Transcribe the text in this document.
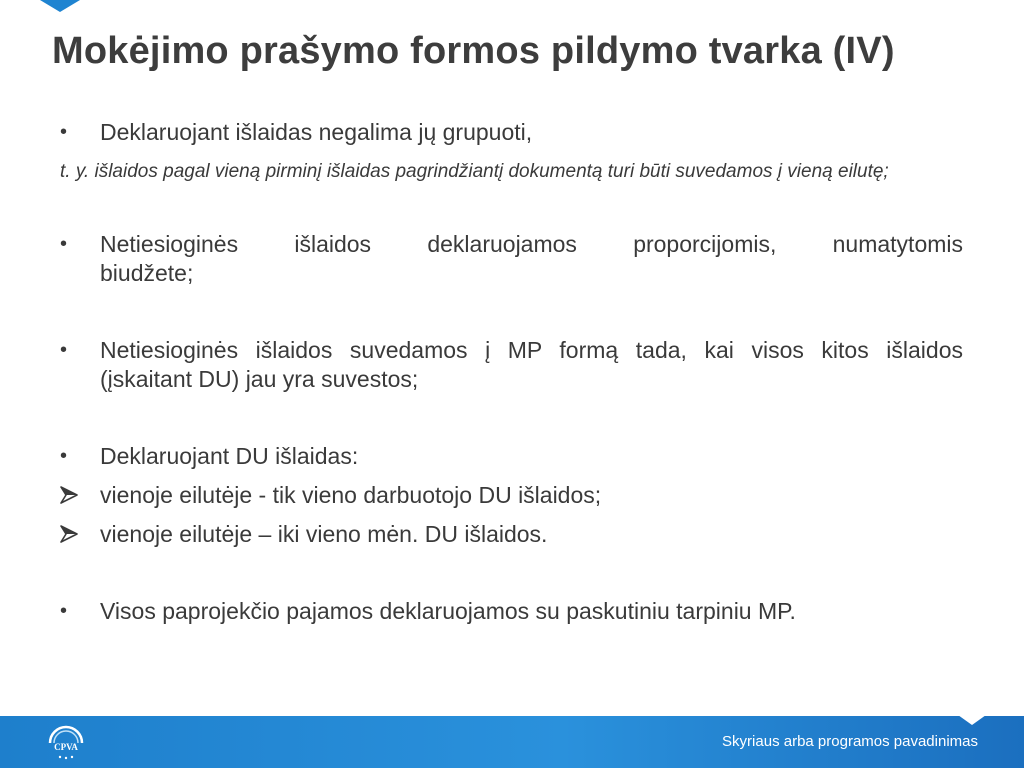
Mokėjimo prašymo formos pildymo tvarka (IV)
•	Deklaruojant išlaidas negalima jų grupuoti,
t. y. išlaidos pagal vieną pirminį išlaidas pagrindžiantį dokumentą turi būti suvedamos į vieną eilutę;
•	Netiesioginės išlaidos deklaruojamos proporcijomis, numatytomis
biudžete;
•	Netiesioginės išlaidos suvedamos į MP formą tada, kai visos kitos išlaidos
(įskaitant DU) jau yra suvestos;
•	Deklaruojant DU išlaidas:
vienoje eilutėje - tik vieno darbuotojo DU išlaidos;
vienoje eilutėje – iki vieno mėn. DU išlaidos.
•	Visos paprojekčio pajamos deklaruojamos su paskutiniu tarpiniu MP.
CPVA	Skyriaus arba programos pavadinimas
